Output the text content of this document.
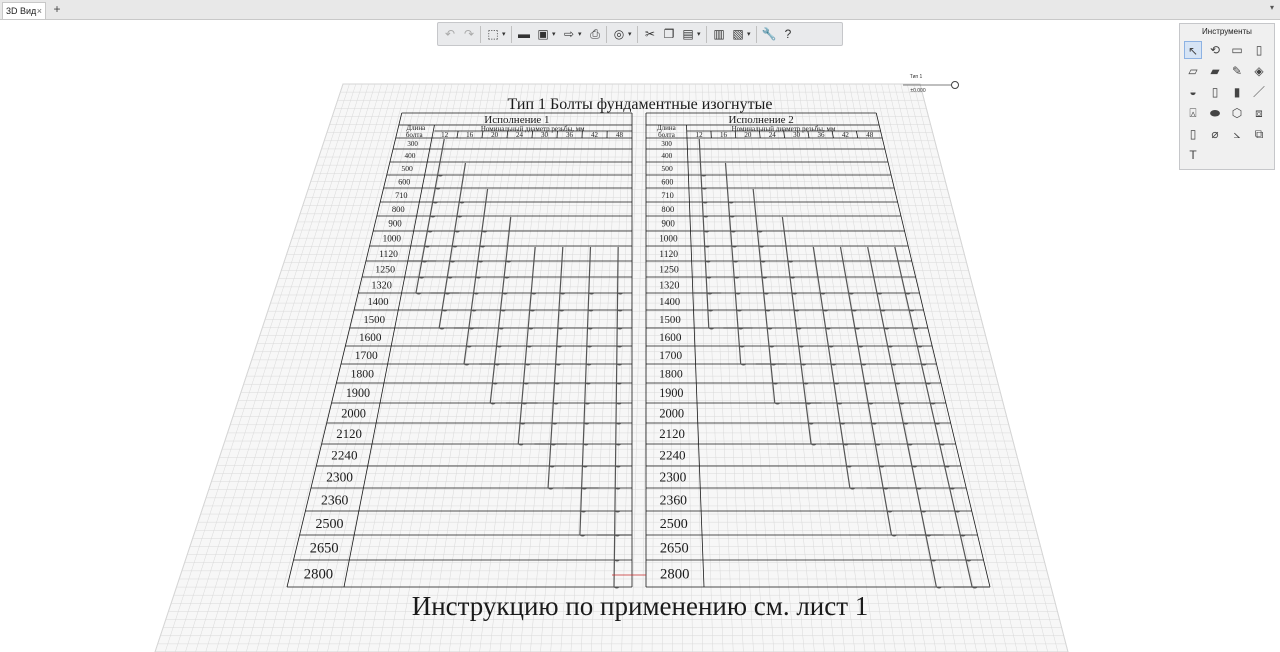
3D Вид × +	▾
↶ ↷ ⬚ ▾ ▬ ▣ ▾ ⇨ ▾ ⎙ ◎ ▾ ✂ ❐ ▤ ▾ ▥ ▧ ▾ 🔧 ?	Инструменты
↖ ⟲ ▭	▯
▱	▰	✎	◈
◒	▯	▮	／
⍓	⬬ ⬡	⧈
▯	⌀	⦣	⧉
T
Тип 1 Болты фундаментные изогнутые
Исполнение 1
Длина
болта
Номинальный диаметр резьбы, мм
12	16	20	24	30	36	42	48
300
400
500
600
710
800
900
1000
1120
1250
1320
1400
1500
1600
1700
1800
1900
2000
2120
2240
2300
2360
2500
2650
2800
Исполнение 2
Длина
болта
Номинальный диаметр резьбы, мм
12 16 20 24 30 36 42 48
300
400
500
600
710
800
900
1000
1120
1250
1320
1400
1500
1600
1700
1800
1900
2000
2120
2240
2300
2360
2500
2650
2800
Инструкцию по применению см. лист 1
Тип 1
±0.000
